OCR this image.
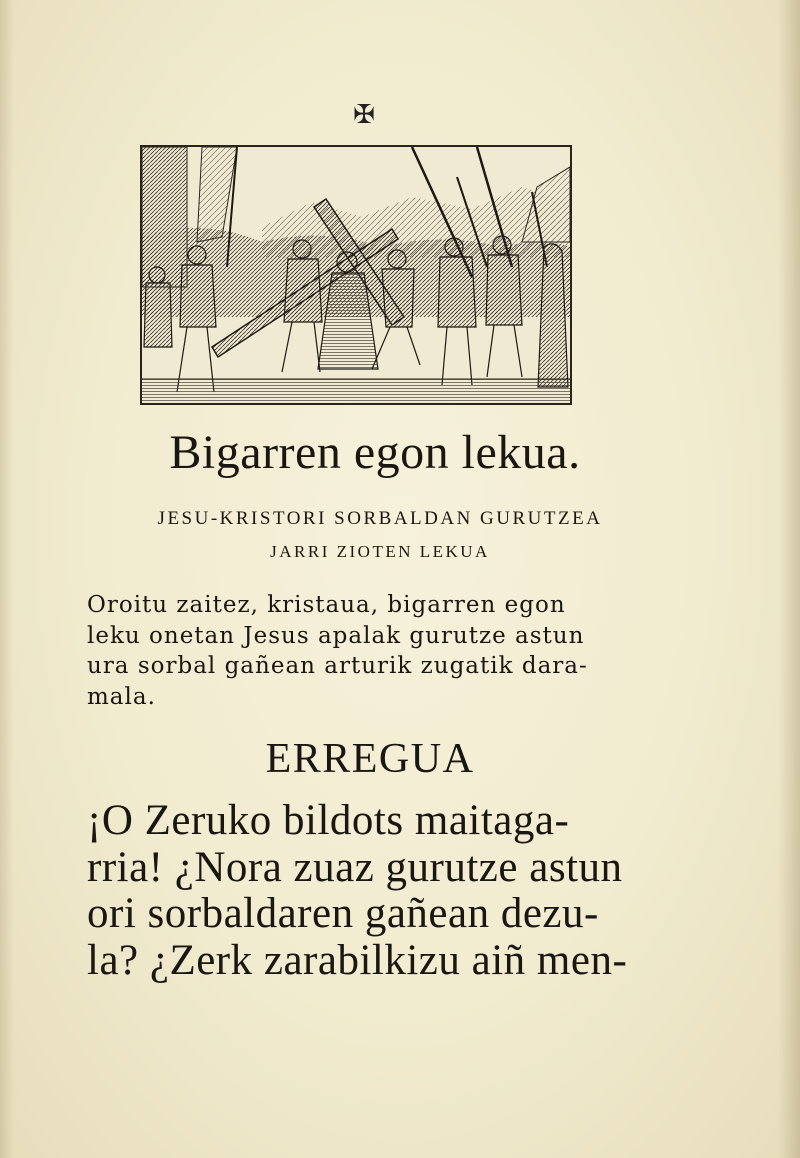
✠
Bigarren egon lekua.
JESU-KRISTORI SORBALDAN GURUTZEA
JARRI ZIOTEN LEKUA

Oroitu zaitez, kristaua, bigarren egon
leku onetan Jesus apalak gurutze astun
ura sorbal gañean arturik zugatik dara-
mala.

ERREGUA

¡O Zeruko bildots maitaga-
rria! ¿Nora zuaz gurutze astun
ori sorbaldaren gañean dezu-
la? ¿Zerk zarabilkizu aiñ men-
